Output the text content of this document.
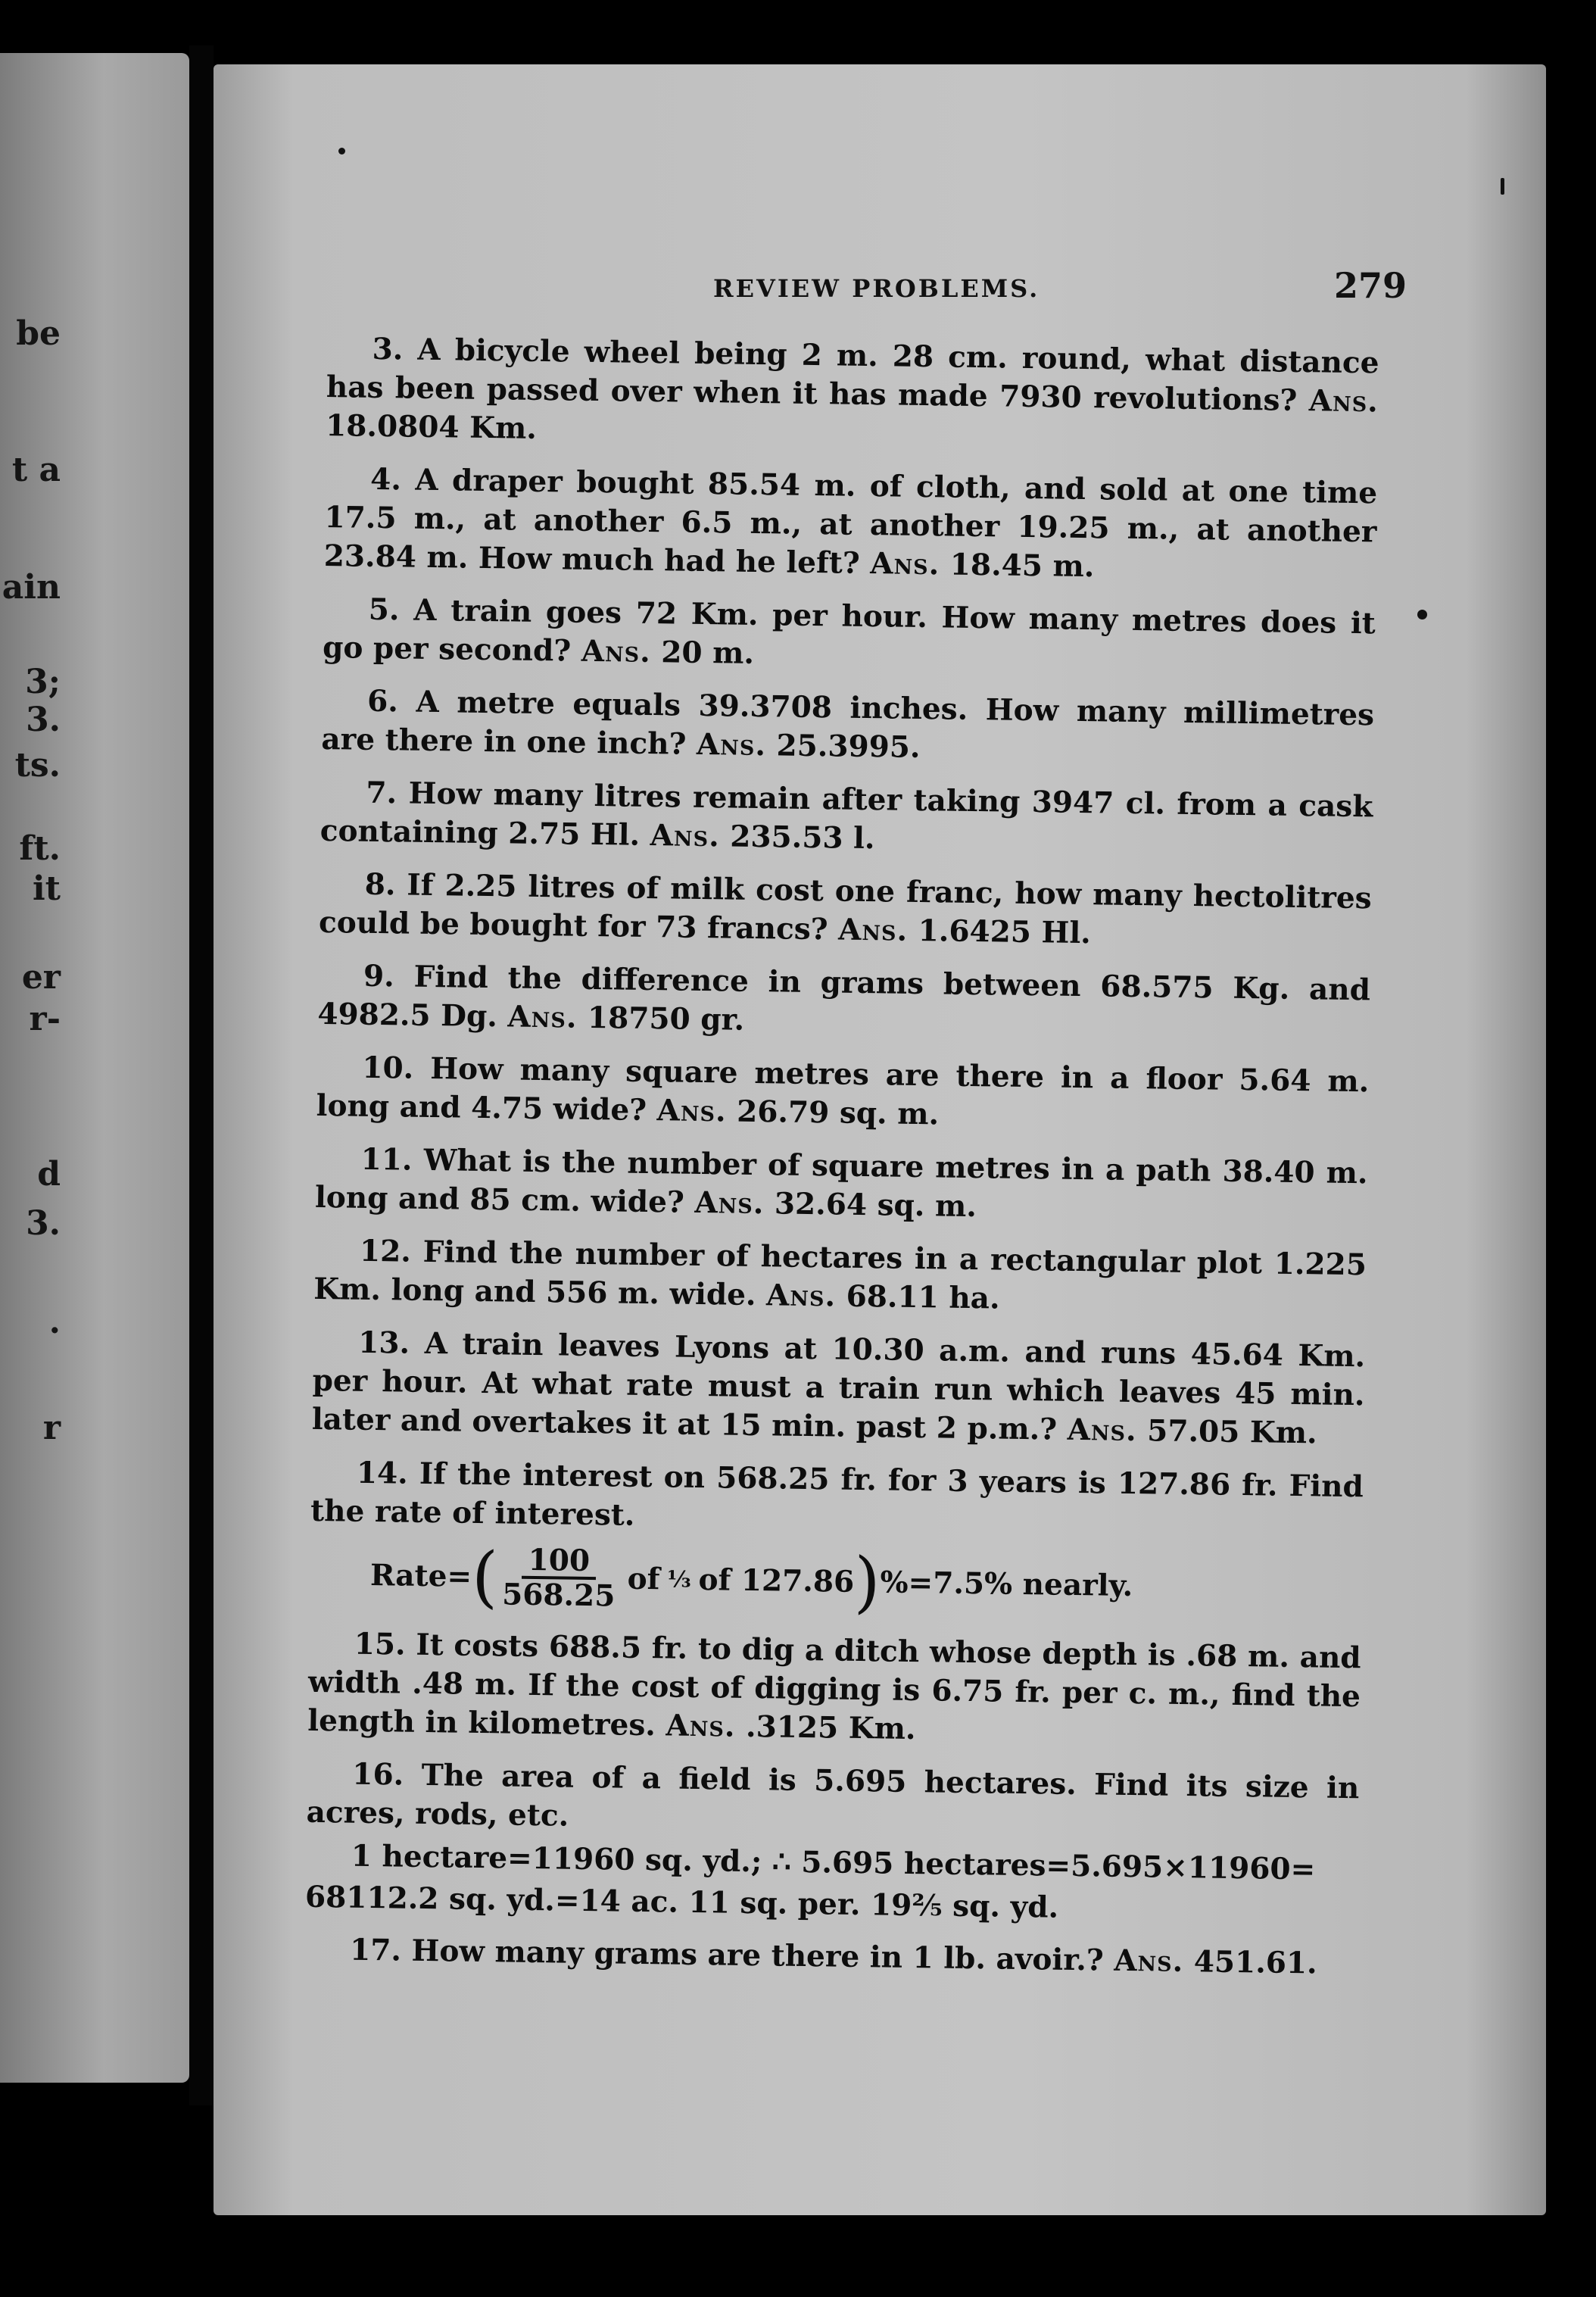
be
t a
ain
3;
3.
ts.
ft.
it
er
r-
d
3.
.
r
REVIEW PROBLEMS.	279

3. A bicycle wheel being 2 m. 28 cm. round, what distance has been passed over when it has made 7930 revolutions? Ans. 18.0804 Km.

4. A draper bought 85.54 m. of cloth, and sold at one time 17.5 m., at another 6.5 m., at another 19.25 m., at another 23.84 m. How much had he left? Ans. 18.45 m.

5. A train goes 72 Km. per hour. How many metres does it go per second? Ans. 20 m.

6. A metre equals 39.3708 inches. How many millimetres are there in one inch? Ans. 25.3995.

7. How many litres remain after taking 3947 cl. from a cask containing 2.75 Hl. Ans. 235.53 l.

8. If 2.25 litres of milk cost one franc, how many hectolitres could be bought for 73 francs? Ans. 1.6425 Hl.

9. Find the difference in grams between 68.575 Kg. and 4982.5 Dg. Ans. 18750 gr.

10. How many square metres are there in a floor 5.64 m. long and 4.75 wide? Ans. 26.79 sq. m.

11. What is the number of square metres in a path 38.40 m. long and 85 cm. wide? Ans. 32.64 sq. m.

12. Find the number of hectares in a rectangular plot 1.225 Km. long and 556 m. wide. Ans. 68.11 ha.

13. A train leaves Lyons at 10.30 a.m. and runs 45.64 Km. per hour. At what rate must a train run which leaves 45 min. later and overtakes it at 15 min. past 2 p.m.? Ans. 57.05 Km.

14. If the interest on 568.25 fr. for 3 years is 127.86 fr. Find the rate of interest.

Rate=
( $\frac{100}{568.25}$ of ⅓ of 127.86
)
%=7.5% nearly.

15. It costs 688.5 fr. to dig a ditch whose depth is .68 m. and width .48 m. If the cost of digging is 6.75 fr. per c. m., find the length in kilometres. Ans. .3125 Km.

16. The area of a field is 5.695 hectares. Find its size in acres, rods, etc.

1 hectare=11960 sq. yd.; ∴ 5.695 hectares=5.695×11960=

68112.2 sq. yd.=14 ac. 11 sq. per. 19⅖ sq. yd.

17. How many grams are there in 1 lb. avoir.? Ans. 451.61.
